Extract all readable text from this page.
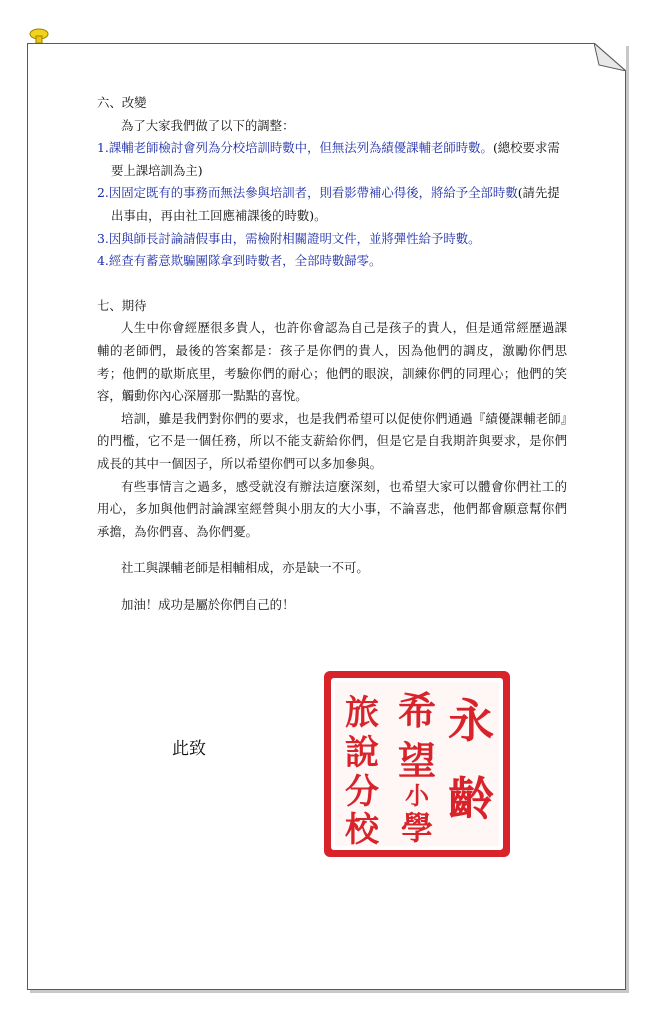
六、改變

為了大家我們做了以下的調整：

1.課輔老師檢討會列為分校培訓時數中，但無法列為績優課輔老師時數。(總校要求需要上課培訓為主)
2.因固定既有的事務而無法參與培訓者，則看影帶補心得後，將給予全部時數(請先提出事由，再由社工回應補課後的時數)。
3.因與師長討論請假事由，需檢附相關證明文件，並將彈性給予時數。
4.經查有蓄意欺騙團隊拿到時數者，全部時數歸零。

七、期待

人生中你會經歷很多貴人，也許你會認為自己是孩子的貴人，但是通常經歷過課輔的老師們，最後的答案都是：孩子是你們的貴人，因為他們的調皮，激勵你們思考；他們的歇斯底里，考驗你們的耐心；他們的眼淚，訓練你們的同理心；他們的笑容，觸動你內心深層那一點點的喜悅。

培訓，雖是我們對你們的要求，也是我們希望可以促使你們通過『績優課輔老師』的門檻，它不是一個任務，所以不能支薪給你們，但是它是自我期許與要求，是你們成長的其中一個因子，所以希望你們可以多加參與。

有些事情言之過多，感受就沒有辦法這麼深刻，也希望大家可以體會你們社工的用心，多加與他們討論課室經營與小朋友的大小事，不論喜悲，他們都會願意幫你們承擔，為你們喜、為你們憂。

社工與課輔老師是相輔相成，亦是缺一不可。

加油！成功是屬於你們自己的！

此致
永
齡
希
望
小
學
旅
說
分
校
